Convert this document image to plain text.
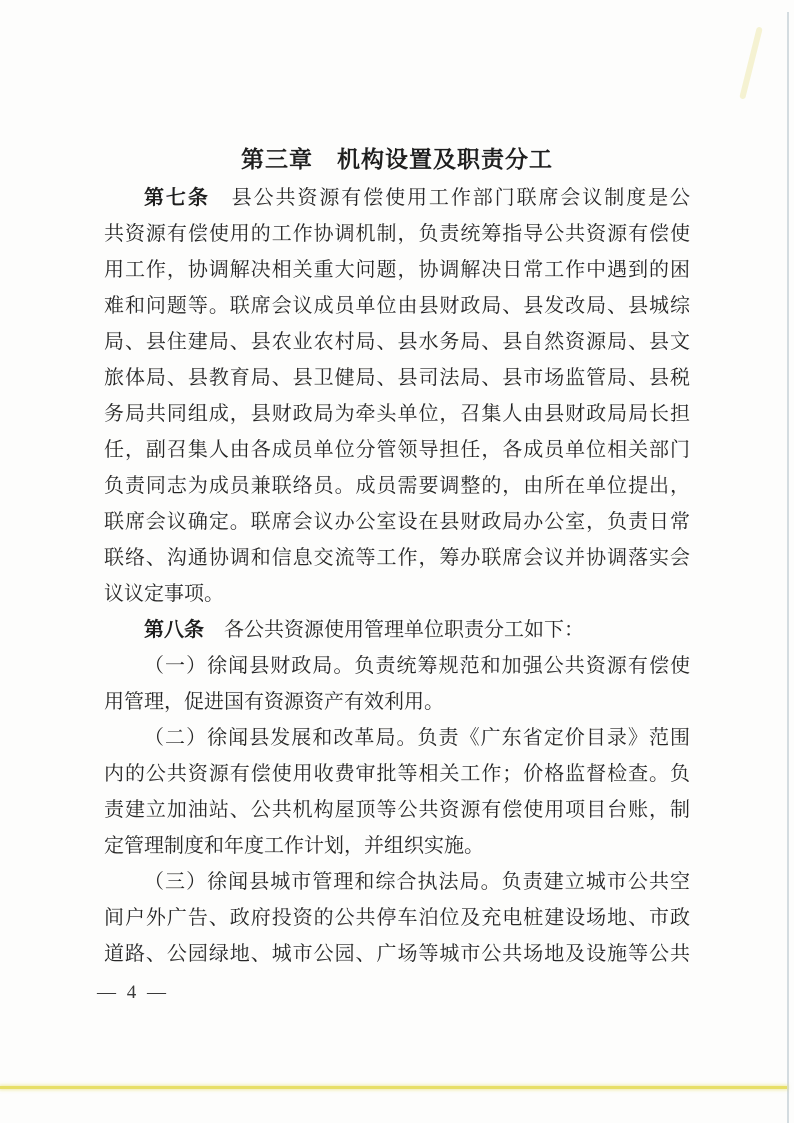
第三章　机构设置及职责分工
第七条　县公共资源有偿使用工作部门联席会议制度是公
共资源有偿使用的工作协调机制，负责统筹指导公共资源有偿使
用工作，协调解决相关重大问题，协调解决日常工作中遇到的困
难和问题等。联席会议成员单位由县财政局、县发改局、县城综
局、县住建局、县农业农村局、县水务局、县自然资源局、县文
旅体局、县教育局、县卫健局、县司法局、县市场监管局、县税
务局共同组成，县财政局为牵头单位，召集人由县财政局局长担
任，副召集人由各成员单位分管领导担任，各成员单位相关部门
负责同志为成员兼联络员。成员需要调整的，由所在单位提出，
联席会议确定。联席会议办公室设在县财政局办公室，负责日常
联络、沟通协调和信息交流等工作，筹办联席会议并协调落实会
议议定事项。
第八条　各公共资源使用管理单位职责分工如下：
（一）徐闻县财政局。负责统筹规范和加强公共资源有偿使
用管理，促进国有资源资产有效利用。
（二）徐闻县发展和改革局。负责《广东省定价目录》范围
内的公共资源有偿使用收费审批等相关工作；价格监督检查。负
责建立加油站、公共机构屋顶等公共资源有偿使用项目台账，制
定管理制度和年度工作计划，并组织实施。
（三）徐闻县城市管理和综合执法局。负责建立城市公共空
间户外广告、政府投资的公共停车泊位及充电桩建设场地、市政
道路、公园绿地、城市公园、广场等城市公共场地及设施等公共
— 4 —
